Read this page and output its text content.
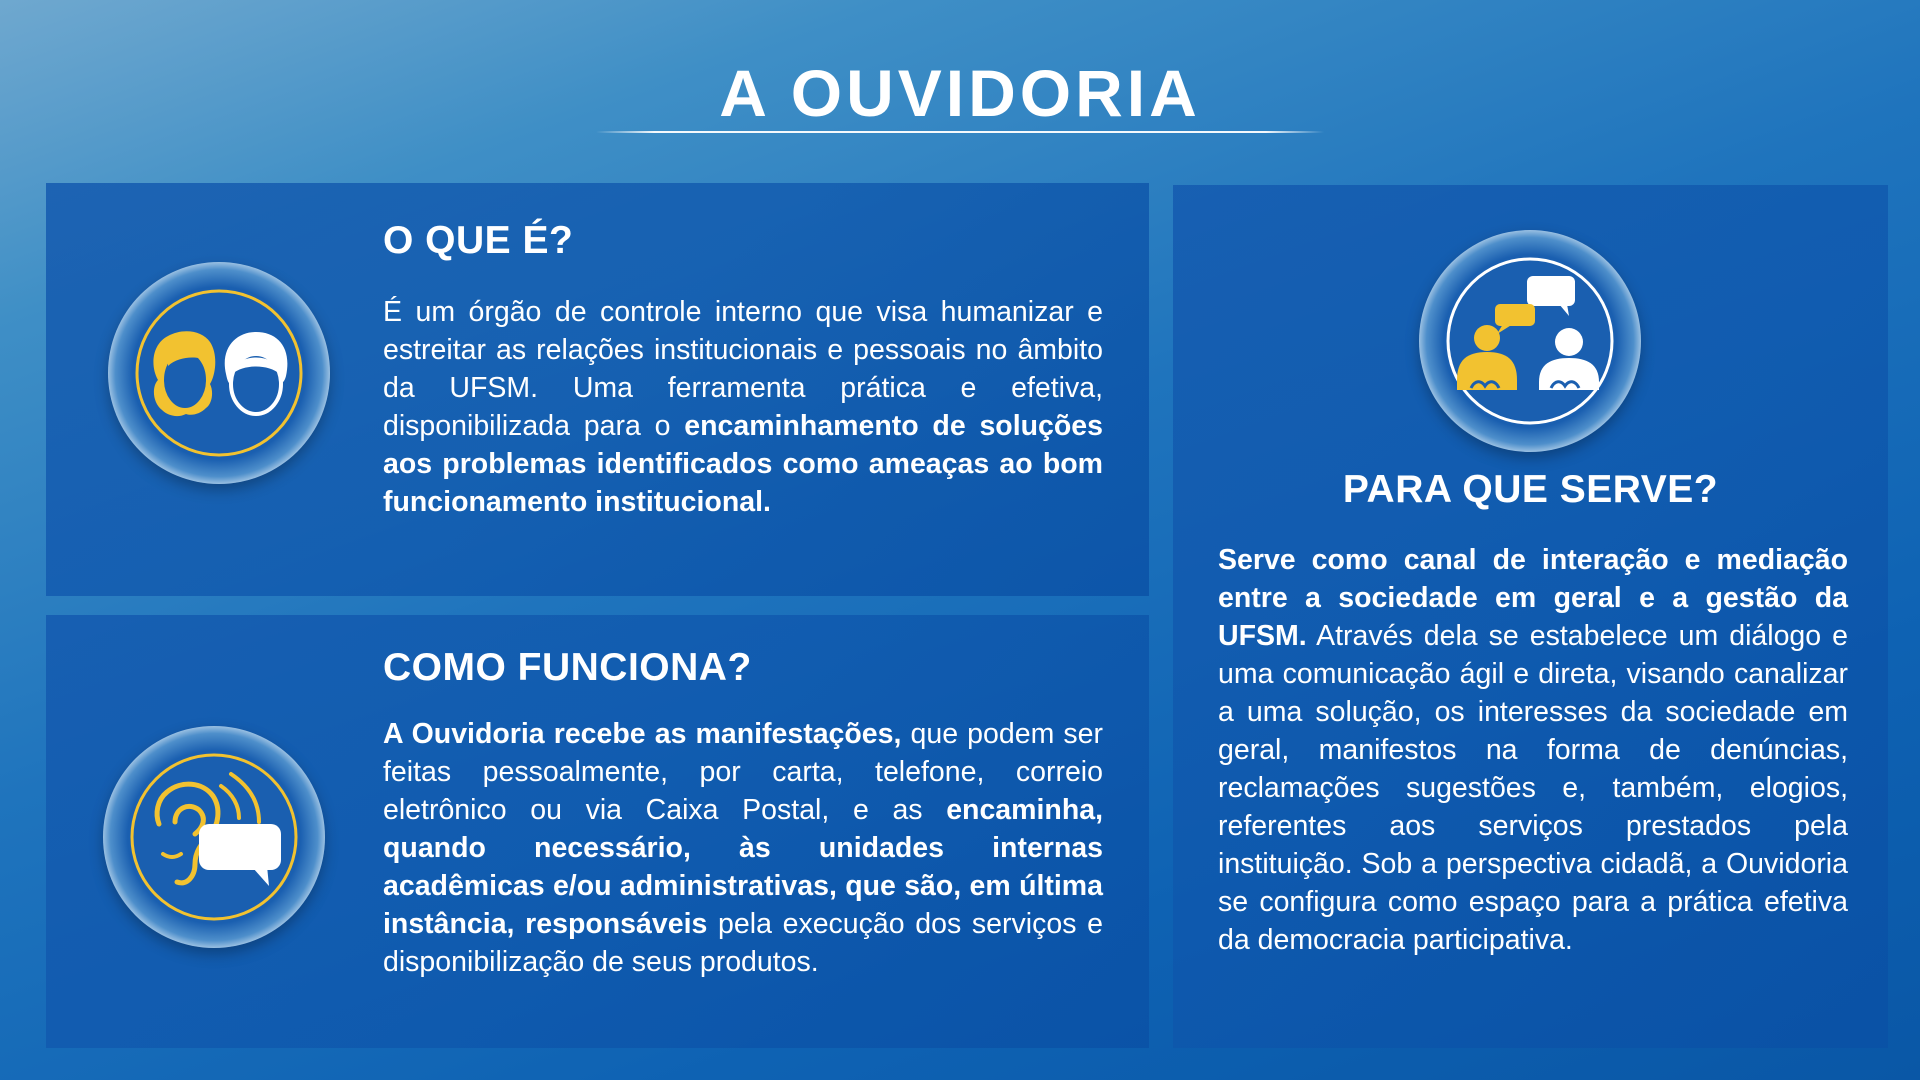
A OUVIDORIA
O QUE É?

É um órgão de controle interno que visa humanizar e estreitar as relações institucionais e pessoais no âmbito da UFSM. Uma ferramenta prática e efetiva, disponibilizada para o encaminhamento de soluções aos problemas identificados como ameaças ao bom funcionamento institucional.

COMO FUNCIONA?

A Ouvidoria recebe as manifestações, que podem ser feitas pessoalmente, por carta, telefone, correio eletrônico ou via Caixa Postal, e as encaminha, quando necessário, às unidades internas acadêmicas e/ou administrativas, que são, em última instância, responsáveis pela execução dos serviços e disponibilização de seus produtos.

PARA QUE SERVE?

Serve como canal de interação e mediação entre a sociedade em geral e a gestão da UFSM. Através dela se estabelece um diálogo e uma comunicação ágil e direta, visando canalizar a uma solução, os interesses da sociedade em geral, manifestos na forma de denúncias, reclamações sugestões e, também, elogios, referentes aos serviços prestados pela instituição. Sob a perspectiva cidadã, a Ouvidoria se configura como espaço para a prática efetiva da democracia participativa.
